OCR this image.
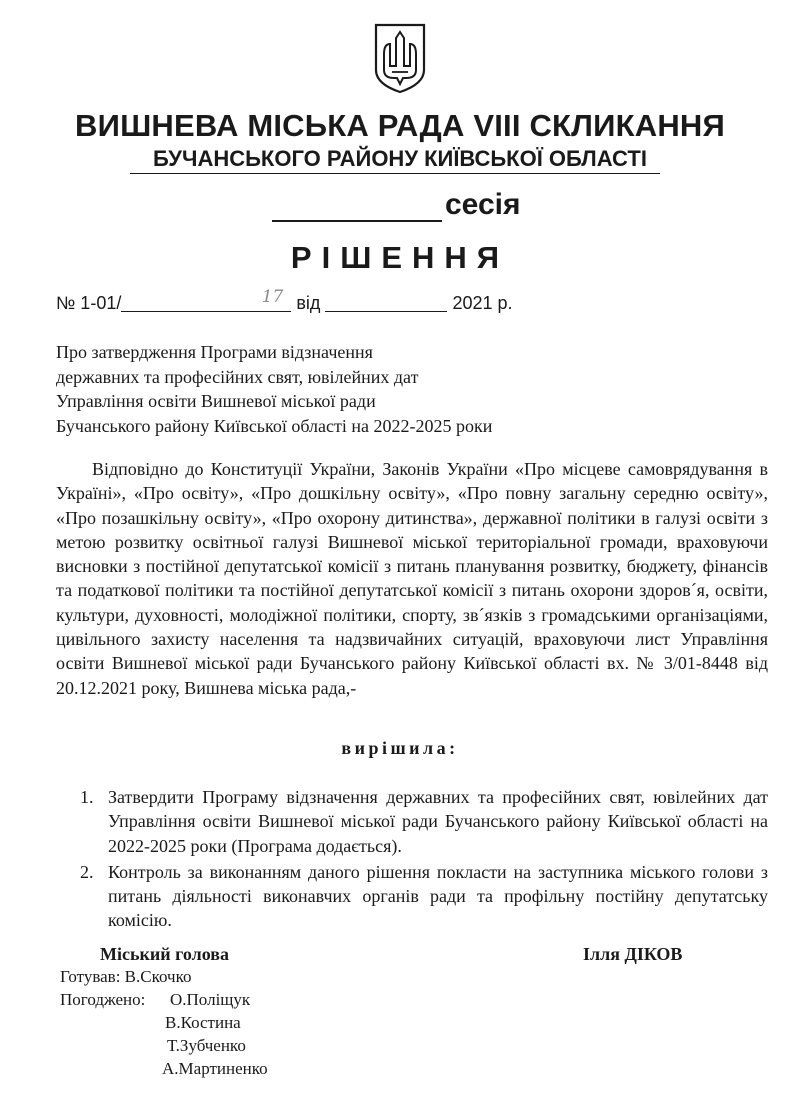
ВИШНЕВА МІСЬКА РАДА VIII СКЛИКАННЯ
БУЧАНСЬКОГО РАЙОНУ КИЇВСЬКОЇ ОБЛАСТІ
сесія
РІШЕННЯ
№ 1-01/	17 від	2021 р.
Про затвердження Програми відзначення
державних та професійних свят, ювілейних дат
Управління освіти Вишневої міської ради
Бучанського району Київської області на 2022-2025 роки
Відповідно до Конституції України, Законів України «Про місцеве самоврядування в Україні», «Про освіту», «Про дошкільну освіту», «Про повну загальну середню освіту», «Про позашкільну освіту», «Про охорону дитинства», державної політики в галузі освіти з метою розвитку освітньої галузі Вишневої міської територіальної громади, враховуючи висновки з постійної депутатської комісії з питань планування розвитку, бюджету, фінансів та податкової політики та постійної депутатської комісії з питань охорони здоров´я, освіти, культури, духовності, молодіжної політики, спорту, зв´язків з громадськими організаціями, цивільного захисту населення та надзвичайних ситуацій, враховуючи лист Управління освіти Вишневої міської ради Бучанського району Київської області вх. № 3/01-8448 від 20.12.2021 року, Вишнева міська рада,-
вирішила:
1. Затвердити Програму відзначення державних та професійних свят, ювілейних дат Управління освіти Вишневої міської ради Бучанського району Київської області на 2022-2025 роки (Програма додається).
2. Контроль за виконанням даного рішення покласти на заступника міського голови з питань діяльності виконавчих органів ради та профільну постійну депутатську комісію.
Міський голова	Ілля ДІКОВ
Готував: В.Скочко
Погоджено: О.Поліщук
В.Костина
Т.Зубченко
А.Мартиненко
